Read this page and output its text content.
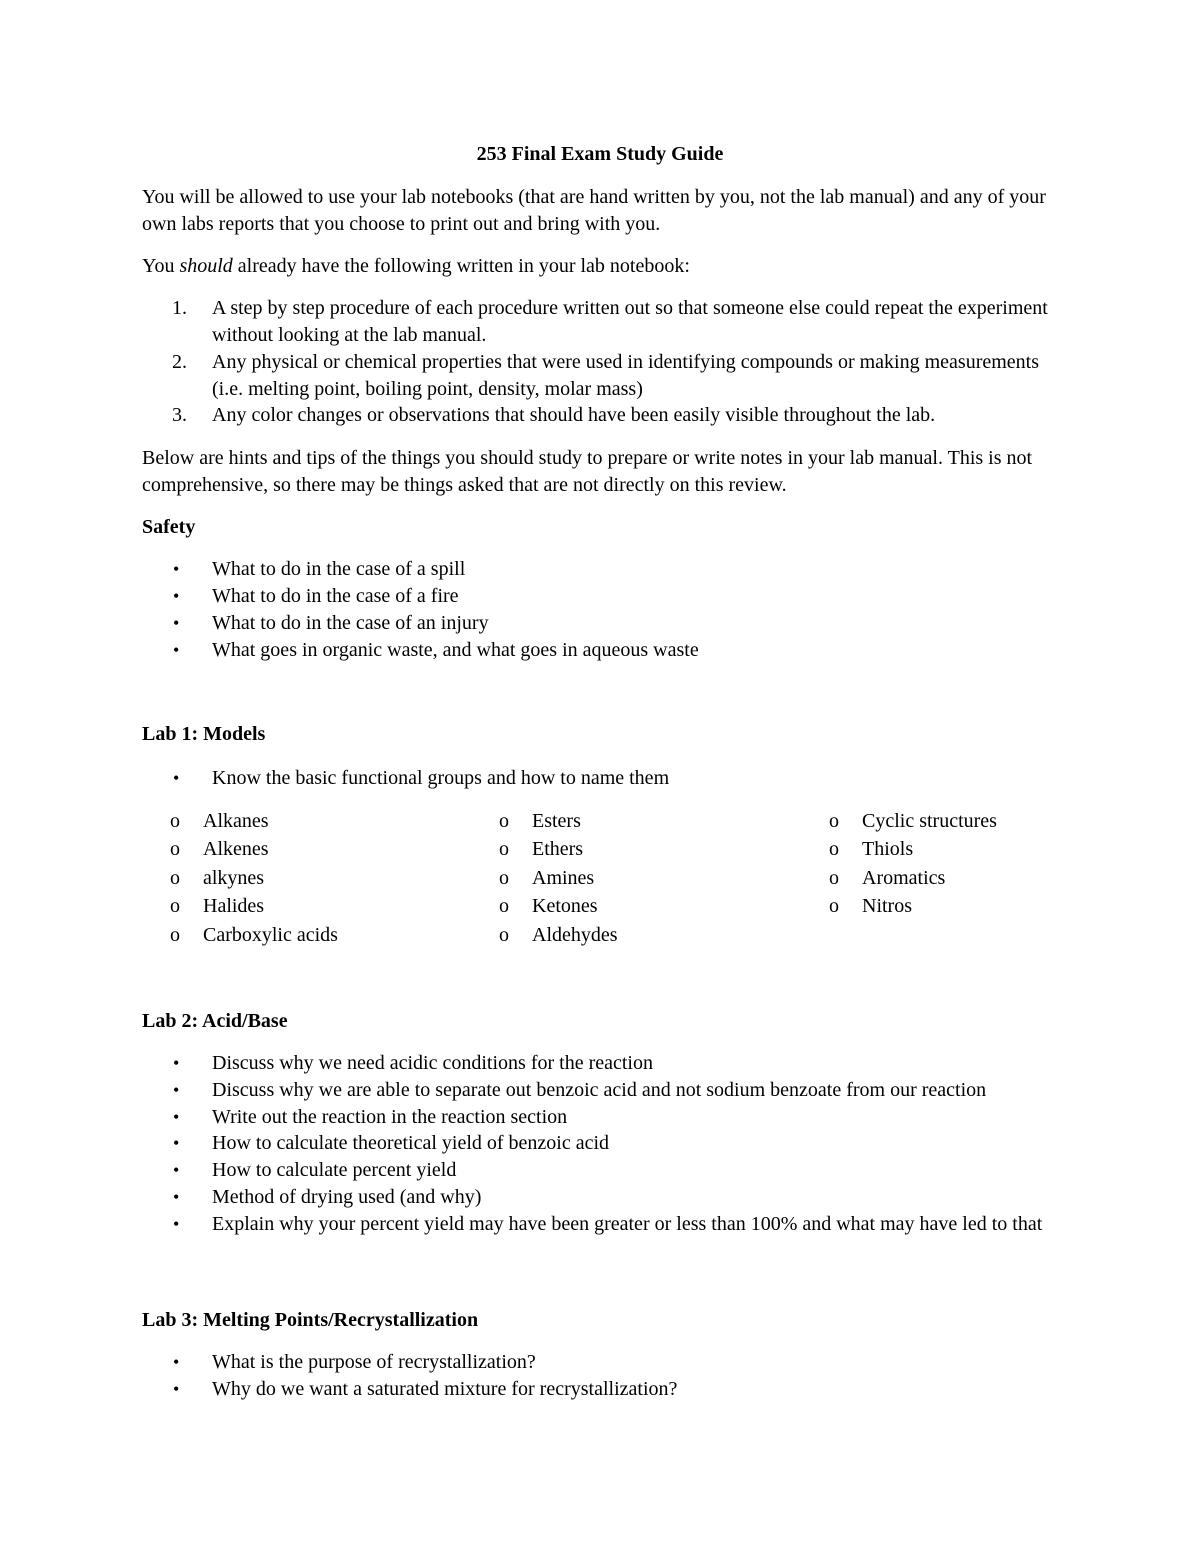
253 Final Exam Study Guide
You will be allowed to use your lab notebooks (that are hand written by you, not the lab manual) and any of your own labs reports that you choose to print out and bring with you.
You should already have the following written in your lab notebook:
1.	A step by step procedure of each procedure written out so that someone else could repeat the experiment without looking at the lab manual.
2.	Any physical or chemical properties that were used in identifying compounds or making measurements (i.e. melting point, boiling point, density, molar mass)
3.	Any color changes or observations that should have been easily visible throughout the lab.
Below are hints and tips of the things you should study to prepare or write notes in your lab manual. This is not comprehensive, so there may be things asked that are not directly on this review.
Safety
•	What to do in the case of a spill
•	What to do in the case of a fire
•	What to do in the case of an injury
•	What goes in organic waste, and what goes in aqueous waste
Lab 1: Models
•	Know the basic functional groups and how to name them
o	Alkanes
o	Alkenes
o	alkynes
o	Halides
o	Carboxylic acids
o	Esters
o	Ethers
o	Amines
o	Ketones
o	Aldehydes
o	Cyclic structures
o	Thiols
o	Aromatics
o	Nitros
Lab 2: Acid/Base
•	Discuss why we need acidic conditions for the reaction
•	Discuss why we are able to separate out benzoic acid and not sodium benzoate from our reaction
•	Write out the reaction in the reaction section
•	How to calculate theoretical yield of benzoic acid
•	How to calculate percent yield
•	Method of drying used (and why)
•	Explain why your percent yield may have been greater or less than 100% and what may have led to that
Lab 3: Melting Points/Recrystallization
•	What is the purpose of recrystallization?
•	Why do we want a saturated mixture for recrystallization?
